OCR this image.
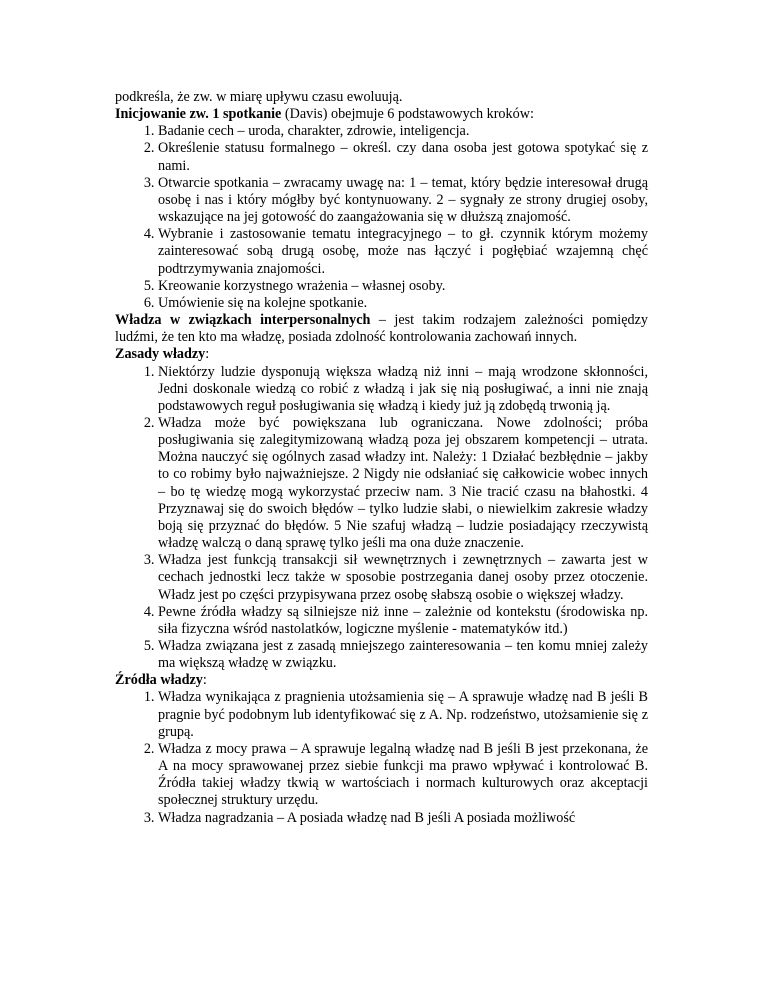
podkreśla, że zw. w miarę upływu czasu ewoluują.

Inicjowanie zw. 1 spotkanie (Davis) obejmuje 6 podstawowych kroków:

1. Badanie cech – uroda, charakter, zdrowie, inteligencja.
2. Określenie statusu formalnego – określ. czy dana osoba jest gotowa spotykać się z nami.
3. Otwarcie spotkania – zwracamy uwagę na: 1 – temat, który będzie interesował drugą osobę i nas i który mógłby być kontynuowany. 2 – sygnały ze strony drugiej osoby, wskazujące na jej gotowość do zaangażowania się w dłuższą znajomość.
4. Wybranie i zastosowanie tematu integracyjnego – to gł. czynnik którym możemy zainteresować sobą drugą osobę, może nas łączyć i pogłębiać wzajemną chęć podtrzymywania znajomości.
5. Kreowanie korzystnego wrażenia – własnej osoby.
6. Umówienie się na kolejne spotkanie.

Władza w związkach interpersonalnych – jest takim rodzajem zależności pomiędzy ludźmi, że ten kto ma władzę, posiada zdolność kontrolowania zachowań innych.

Zasady władzy:

1. Niektórzy ludzie dysponują większa władzą niż inni – mają wrodzone skłonności, Jedni doskonale wiedzą co robić z władzą i jak się nią posługiwać, a inni nie znają podstawowych reguł posługiwania się władzą i kiedy już ją zdobędą trwonią ją.
2. Władza może być powiększana lub ograniczana. Nowe zdolności; próba posługiwania się zalegitymizowaną władzą poza jej obszarem kompetencji – utrata. Można nauczyć się ogólnych zasad władzy int. Należy: 1 Działać bezbłędnie – jakby to co robimy było najważniejsze. 2 Nigdy nie odsłaniać się całkowicie wobec innych – bo tę wiedzę mogą wykorzystać przeciw nam. 3 Nie tracić czasu na błahostki. 4 Przyznawaj się do swoich błędów – tylko ludzie słabi, o niewielkim zakresie władzy boją się przyznać do błędów. 5 Nie szafuj władzą – ludzie posiadający rzeczywistą władzę walczą o daną sprawę tylko jeśli ma ona duże znaczenie.
3. Władza jest funkcją transakcji sił wewnętrznych i zewnętrznych – zawarta jest w cechach jednostki lecz także w sposobie postrzegania danej osoby przez otoczenie. Władz jest po części przypisywana przez osobę słabszą osobie o większej władzy.
4. Pewne źródła władzy są silniejsze niż inne – zależnie od kontekstu (środowiska np. siła fizyczna wśród nastolatków, logiczne myślenie - matematyków itd.)
5. Władza związana jest z zasadą mniejszego zainteresowania – ten komu mniej zależy ma większą władzę w związku.

Źródła władzy:

1. Władza wynikająca z pragnienia utożsamienia się – A sprawuje władzę nad B jeśli B pragnie być podobnym lub identyfikować się z A. Np. rodzeństwo, utożsamienie się z grupą.
2. Władza z mocy prawa – A sprawuje legalną władzę nad B jeśli B jest przekonana, że A na mocy sprawowanej przez siebie funkcji ma prawo wpływać i kontrolować B. Źródła takiej władzy tkwią w wartościach i normach kulturowych oraz akceptacji społecznej struktury urzędu.
3. Władza nagradzania – A posiada władzę nad B jeśli A posiada możliwość
